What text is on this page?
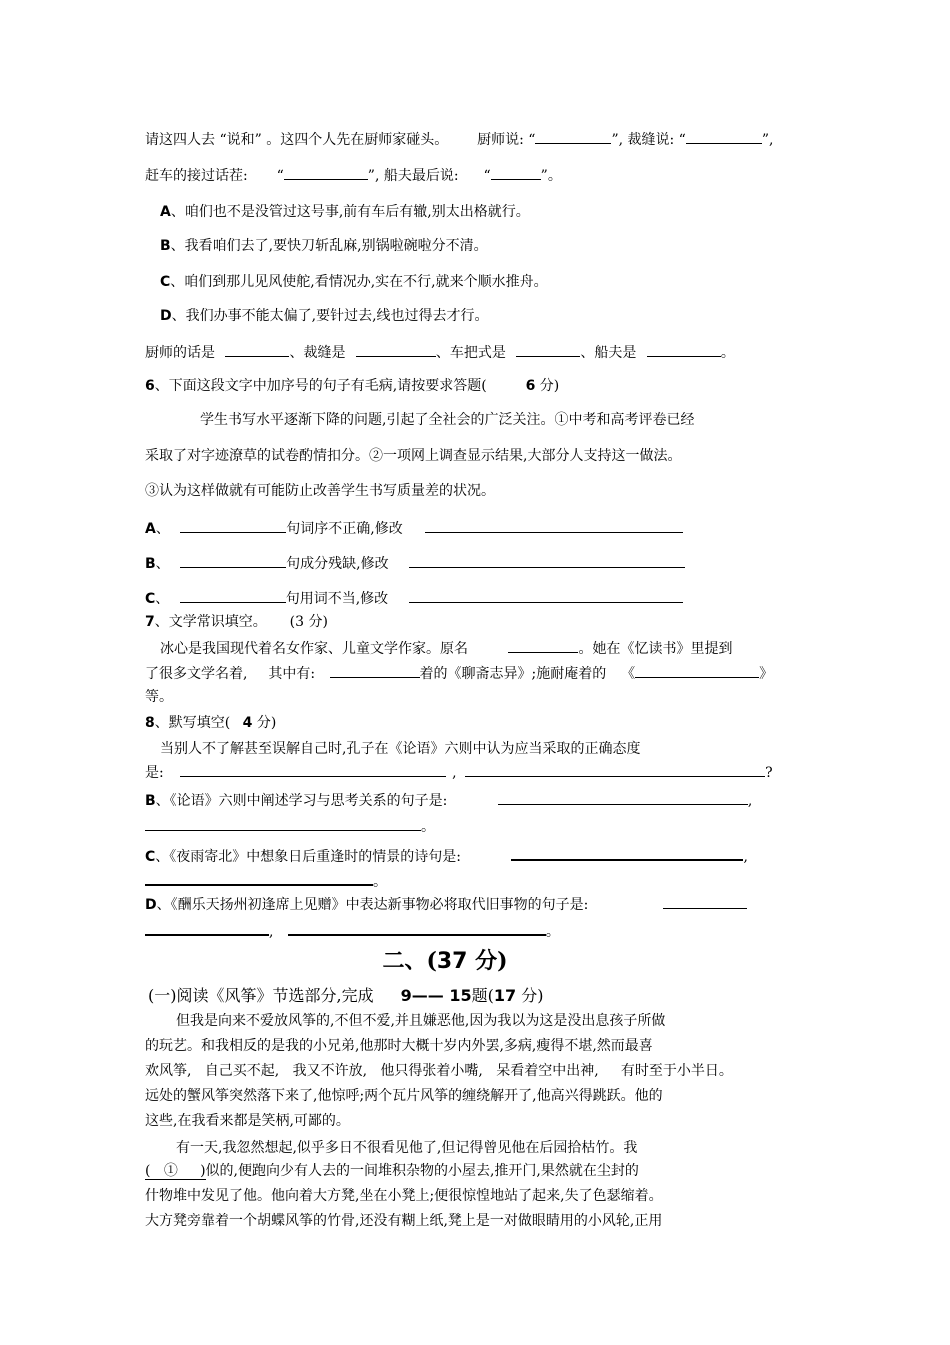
请这四人去 “说和” 。这四个人先在厨师家碰头。 厨师说: “	”, 裁缝说: “	”,
赶车的接过话茬: “	”, 船夫最后说: “	”。
A、咱们也不是没管过这号事,前有车后有辙,别太出格就行。
B、我看咱们去了,要快刀斩乱麻,别锅啦碗啦分不清。
C、咱们到那儿见风使舵,看情况办,实在不行,就来个顺水推舟。
D、我们办事不能太偏了,要针过去,线也过得去才行。
厨师的话是	、裁缝是	、车把式是	、船夫是	。
6、下面这段文字中加序号的句子有毛病,请按要求答题(	6 分)
学生书写水平逐渐下降的问题,引起了全社会的广泛关注。①中考和高考评卷已经
采取了对字迹潦草的试卷酌情扣分。②一项网上调查显示结果,大部分人支持这一做法。
③认为这样做就有可能防止改善学生书写质量差的状况。
A、	句词序不正确,修改
B、	句成分残缺,修改
C、	句用词不当,修改
7、文学常识填空。 (3 分)
冰心是我国现代着名女作家、儿童文学作家。原名	。她在《忆读书》里提到
了很多文学名着, 其中有:	着的《聊斋志异》;施耐庵着的 《	》
等。
8、默写填空( 4 分)
当别人不了解甚至误解自己时,孔子在《论语》六则中认为应当采取的正确态度
是:	,	?
B、《论语》六则中阐述学习与思考关系的句子是:	,
。
C、《夜雨寄北》中想象日后重逢时的情景的诗句是:	,
。
D、《酬乐天扬州初逢席上见赠》中表达新事物必将取代旧事物的句子是:
,	。
二、(37 分)
(一)阅读《风筝》节选部分,完成 9—— 15题(17 分)
但我是向来不爱放风筝的,不但不爱,并且嫌恶他,因为我以为这是没出息孩子所做
的玩艺。和我相反的是我的小兄弟,他那时大概十岁内外罢,多病,瘦得不堪,然而最喜
欢风筝,   自己买不起,   我又不许放,   他只得张着小嘴,   呆看着空中出神,     有时至于小半日。
远处的蟹风筝突然落下来了,他惊呼;两个瓦片风筝的缠绕解开了,他高兴得跳跃。他的
这些,在我看来都是笑柄,可鄙的。
有一天,我忽然想起,似乎多日不很看见他了,但记得曾见他在后园拾枯竹。我
(   ①     )似的,便跑向少有人去的一间堆积杂物的小屋去,推开门,果然就在尘封的
什物堆中发见了他。他向着大方凳,坐在小凳上;便很惊惶地站了起来,失了色瑟缩着。
大方凳旁靠着一个胡蝶风筝的竹骨,还没有糊上纸,凳上是一对做眼睛用的小风轮,正用
